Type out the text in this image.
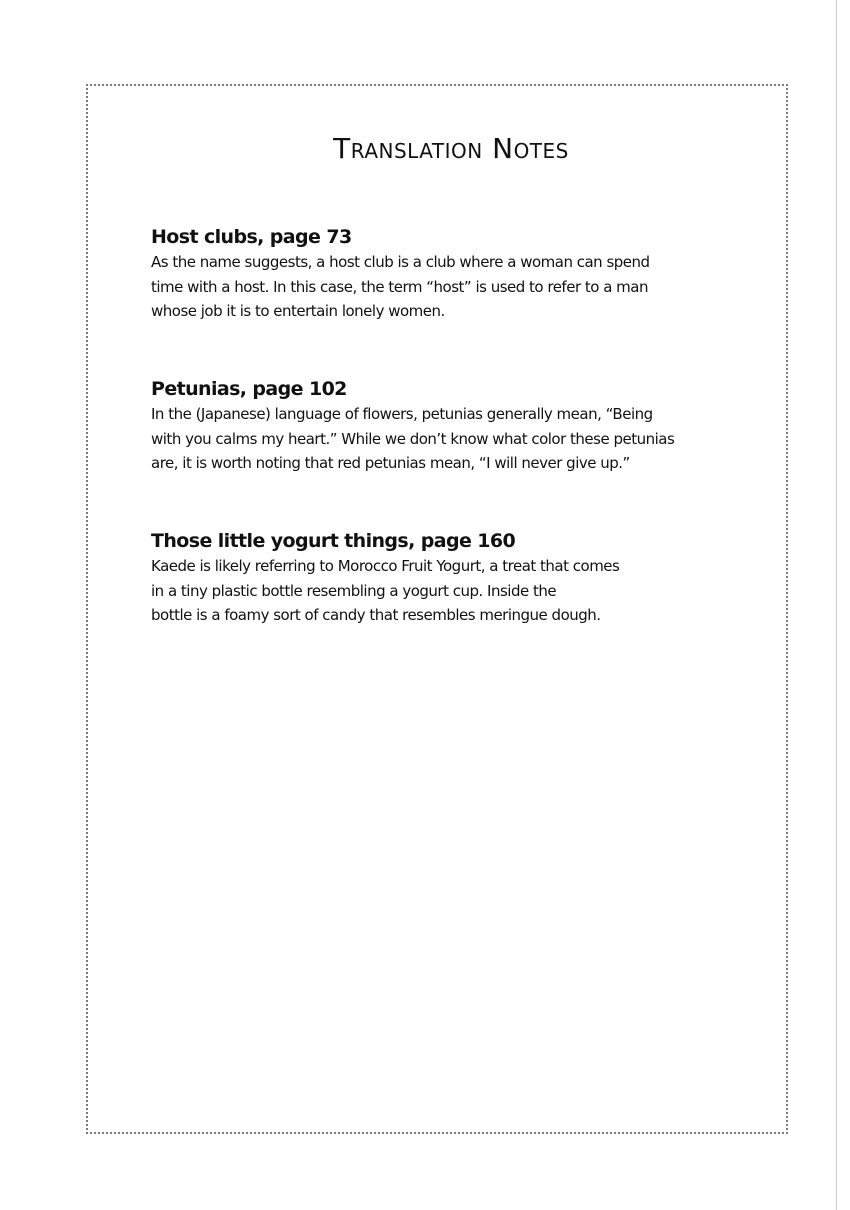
Translation Notes
Host clubs, page 73

As the name suggests, a host club is a club where a woman can spend
time with a host. In this case, the term “host” is used to refer to a man
whose job it is to entertain lonely women.

Petunias, page 102

In the (Japanese) language of flowers, petunias generally mean, “Being
with you calms my heart.” While we don’t know what color these petunias
are, it is worth noting that red petunias mean, “I will never give up.”

Those little yogurt things, page 160

Kaede is likely referring to Morocco Fruit Yogurt, a treat that comes
in a tiny plastic bottle resembling a yogurt cup. Inside the
bottle is a foamy sort of candy that resembles meringue dough.
